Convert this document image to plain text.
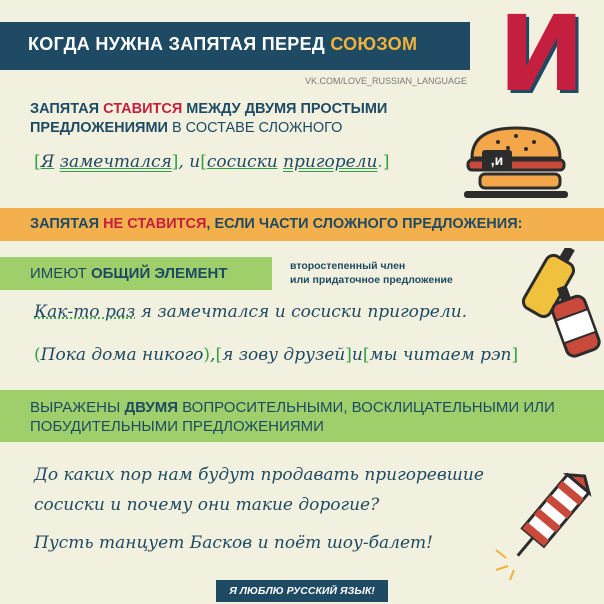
КОГДА НУЖНА ЗАПЯТАЯ ПЕРЕД СОЮЗОМ И
VK.COM/LOVE_RUSSIAN_LANGUAGE
ЗАПЯТАЯ СТАВИТСЯ МЕЖДУ ДВУМЯ ПРОСТЫМИ ПРЕДЛОЖЕНИЯМИ В СОСТАВЕ СЛОЖНОГО
,и
[Я замечтался], и[сосиски пригорели.]
ЗАПЯТАЯ НЕ СТАВИТСЯ, ЕСЛИ ЧАСТИ СЛОЖНОГО ПРЕДЛОЖЕНИЯ:
ИМЕЮТ ОБЩИЙ ЭЛЕМЕНТ	второстепенный член
или придаточное предложение
Как-то раз я замечтался и сосиски пригорели.
(Пока дома никого),[я зову друзей]и[мы читаем рэп]
ВЫРАЖЕНЫ ДВУМЯ ВОПРОСИТЕЛЬНЫМИ, ВОСКЛИЦАТЕЛЬНЫМИ ИЛИ ПОБУДИТЕЛЬНЫМИ ПРЕДЛОЖЕНИЯМИ
До каких пор нам будут продавать пригоревшие
сосиски и почему они такие дорогие?
Пусть танцует Басков и поёт шоу-балет!
Я ЛЮБЛЮ РУССКИЙ ЯЗЫК!
